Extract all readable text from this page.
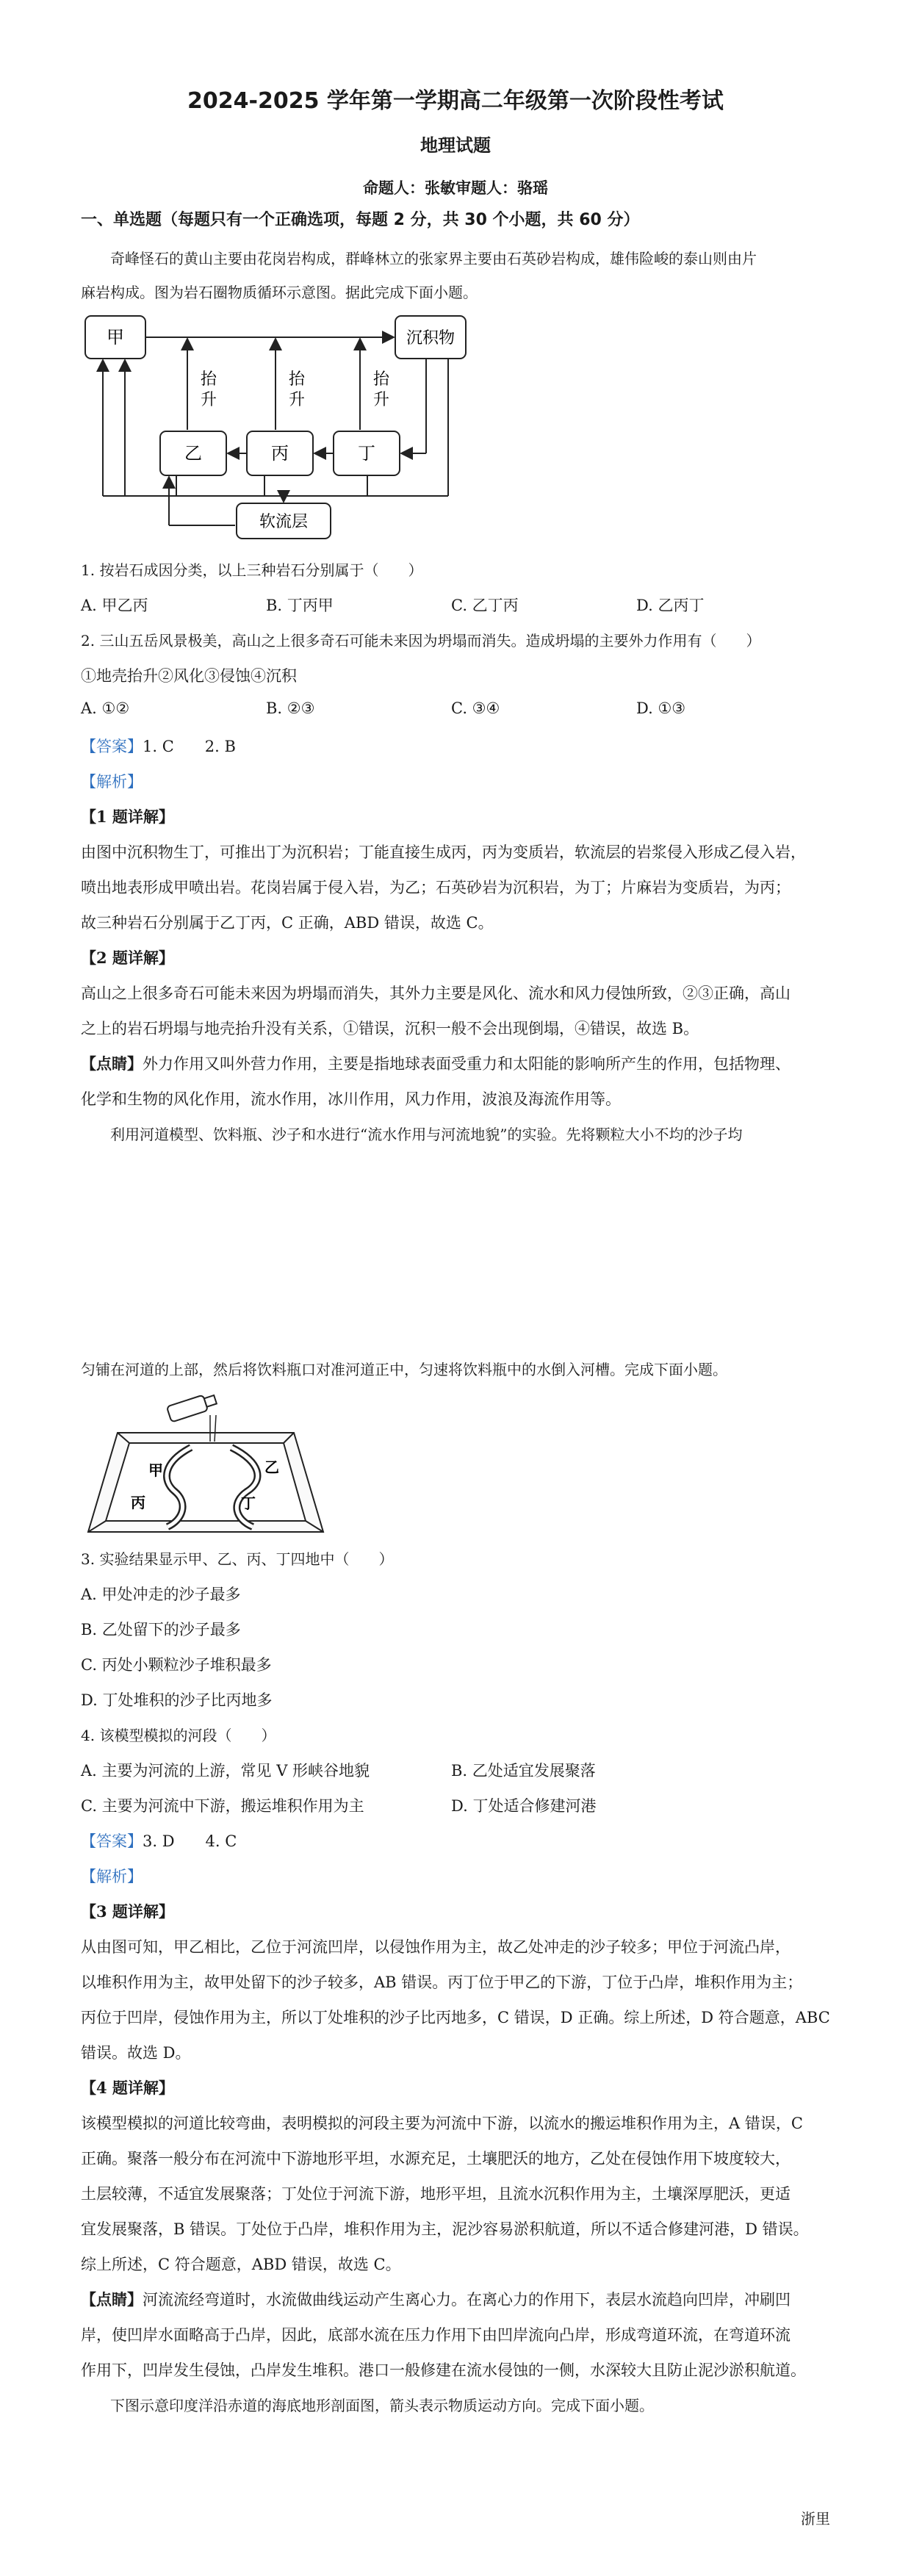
2024-2025 学年第一学期高二年级第一次阶段性考试
地理试题
命题人：张敏审题人：骆瑶
一、单选题（每题只有一个正确选项，每题 2 分，共 30 个小题，共 60 分）
奇峰怪石的黄山主要由花岗岩构成，群峰林立的张家界主要由石英砂岩构成，雄伟险峻的泰山则由片
麻岩构成。图为岩石圈物质循环示意图。据此完成下面小题。
甲	沉积物
乙	丙	丁
软流层
抬升
抬升
抬升
1. 按岩石成因分类，以上三种岩石分别属于（　　）
A. 甲乙丙	B. 丁丙甲	C. 乙丁丙	D. 乙丙丁
2. 三山五岳风景极美，高山之上很多奇石可能未来因为坍塌而消失。造成坍塌的主要外力作用有（　　）
①地壳抬升②风化③侵蚀④沉积
A. ①②	B. ②③	C. ③④	D. ①③
【答案】1. C　　2. B
【解析】
【1 题详解】
由图中沉积物生丁，可推出丁为沉积岩；丁能直接生成丙，丙为变质岩，软流层的岩浆侵入形成乙侵入岩，
喷出地表形成甲喷出岩。花岗岩属于侵入岩，为乙；石英砂岩为沉积岩，为丁；片麻岩为变质岩，为丙；
故三种岩石分别属于乙丁丙，C 正确，ABD 错误，故选 C。
【2 题详解】
高山之上很多奇石可能未来因为坍塌而消失，其外力主要是风化、流水和风力侵蚀所致，②③正确，高山
之上的岩石坍塌与地壳抬升没有关系，①错误，沉积一般不会出现倒塌，④错误，故选 B。
【点睛】外力作用又叫外营力作用，主要是指地球表面受重力和太阳能的影响所产生的作用，包括物理、
化学和生物的风化作用，流水作用，冰川作用，风力作用，波浪及海流作用等。
利用河道模型、饮料瓶、沙子和水进行“流水作用与河流地貌”的实验。先将颗粒大小不均的沙子均
匀铺在河道的上部，然后将饮料瓶口对准河道正中，匀速将饮料瓶中的水倒入河槽。完成下面小题。
甲	乙
丙	丁
3. 实验结果显示甲、乙、丙、丁四地中（　　）
A. 甲处冲走的沙子最多
B. 乙处留下的沙子最多
C. 丙处小颗粒沙子堆积最多
D. 丁处堆积的沙子比丙地多
4. 该模型模拟的河段（　　）
A. 主要为河流的上游，常见 V 形峡谷地貌	B. 乙处适宜发展聚落
C. 主要为河流中下游，搬运堆积作用为主	D. 丁处适合修建河港
【答案】3. D　　4. C
【解析】
【3 题详解】
从由图可知，甲乙相比，乙位于河流凹岸，以侵蚀作用为主，故乙处冲走的沙子较多；甲位于河流凸岸，
以堆积作用为主，故甲处留下的沙子较多，AB 错误。丙丁位于甲乙的下游，丁位于凸岸，堆积作用为主；
丙位于凹岸，侵蚀作用为主，所以丁处堆积的沙子比丙地多，C 错误，D 正确。综上所述，D 符合题意，ABC
错误。故选 D。
【4 题详解】
该模型模拟的河道比较弯曲，表明模拟的河段主要为河流中下游，以流水的搬运堆积作用为主，A 错误，C
正确。聚落一般分布在河流中下游地形平坦，水源充足，土壤肥沃的地方，乙处在侵蚀作用下坡度较大，
土层较薄，不适宜发展聚落；丁处位于河流下游，地形平坦，且流水沉积作用为主，土壤深厚肥沃，更适
宜发展聚落，B 错误。丁处位于凸岸，堆积作用为主，泥沙容易淤积航道，所以不适合修建河港，D 错误。
综上所述，C 符合题意，ABD 错误，故选 C。
【点睛】河流流经弯道时，水流做曲线运动产生离心力。在离心力的作用下，表层水流趋向凹岸，冲刷凹
岸，使凹岸水面略高于凸岸，因此，底部水流在压力作用下由凹岸流向凸岸，形成弯道环流，在弯道环流
作用下，凹岸发生侵蚀，凸岸发生堆积。港口一般修建在流水侵蚀的一侧，水深较大且防止泥沙淤积航道。
下图示意印度洋沿赤道的海底地形剖面图，箭头表示物质运动方向。完成下面小题。
浙里
